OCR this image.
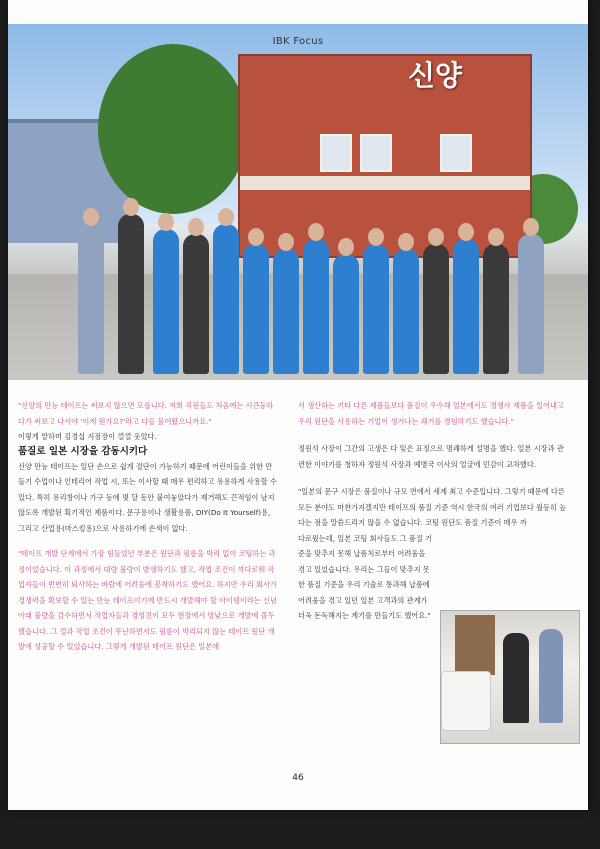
신양
IBK Focus

"신양의 만능 테이프는 써보지 않으면 모릅니다. 저희 직원들도 처음에는 시큰둥하다가 써보고 나서야 '이게 뭔가요?'라고 다들 물어왔으니까요."

이렇게 말하며 김경섭 지점장이 껄껄 웃었다.

품질로 일본 시장을 감동시키다

신양 만능 테이프는 일단 손으로 쉽게 절단이 가능하기 때문에 어린이들을 위한 만들기 수업이나 인테리어 작업 시, 또는 이사할 때 매우 편리하고 유용하게 사용할 수 있다. 특히 유리창이나 가구 등에 몇 달 동안 붙여놓았다가 제거해도 끈적임이 남지 않도록 개발된 획기적인 제품이다. 문구용이나 생활용품, DIY(Do It Yourself)용, 그리고 산업용(마스킹용)으로 사용하기에 손색이 없다.

"테이프 개발 단계에서 가장 힘들었던 부분은 원단과 필름을 박리 없이 코팅하는 과정이었습니다. 이 과정에서 대량 불량이 발생하기도 했고, 작업 조건이 까다로워 작업자들이 빈번히 퇴사하는 바람에 어려움에 봉착하기도 했어요. 하지만 우리 회사가 경쟁력을 확보할 수 있는 만능 테이프이기에 반드시 개발해야 할 아이템이라는 신념 아래 불량을 감수하면서 작업자들과 경영진이 모두 현장에서 밤낮으로 개발에 몰두했습니다. 그 결과 작업 조건이 무난하면서도 필름이 박리되지 않는 테이프 원단 개발에 성공할 수 있었습니다. 그렇게 개발된 테이프 원단은 일본에

서 생산하는 기타 다른 제품들보다 품질이 우수해 일본에서도 경쟁사 제품을 밀어내고 우리 원단을 사용하는 기업이 생겨나는 쾌거를 경험하기도 했습니다."

정원석 사장이 그간의 고생은 다 잊은 표정으로 명쾌하게 설명을 했다. 일본 시장과 관련한 이야기를 청하자 정원석 사장과 예병국 이사의 얼굴에 민감이 교차했다.

"일본의 문구 시장은 품질이나 규모 면에서 세계 최고 수준입니다. 그렇기 때문에 다른 모든 분야도 마찬가지겠지만 테이프의 품질 기준 역시 한국의 여러 기업보다 월등히 높다는 점을 말씀드리지 않을 수 없습니다. 코팅 원단도 품질 기준이 매우 까

다로웠는데, 일본 코팅 회사들도 그 품질 기준을 맞추지 못해 납품처로부터 어려움을 겪고 있었습니다. 우리는 그들이 맞추지 못한 품질 기준을 우리 기술로 통과해 납품에 어려움을 겪고 있던 일본 고객과의 관계가 더욱 돈독해지는 계기를 만들기도 했어요."

46
